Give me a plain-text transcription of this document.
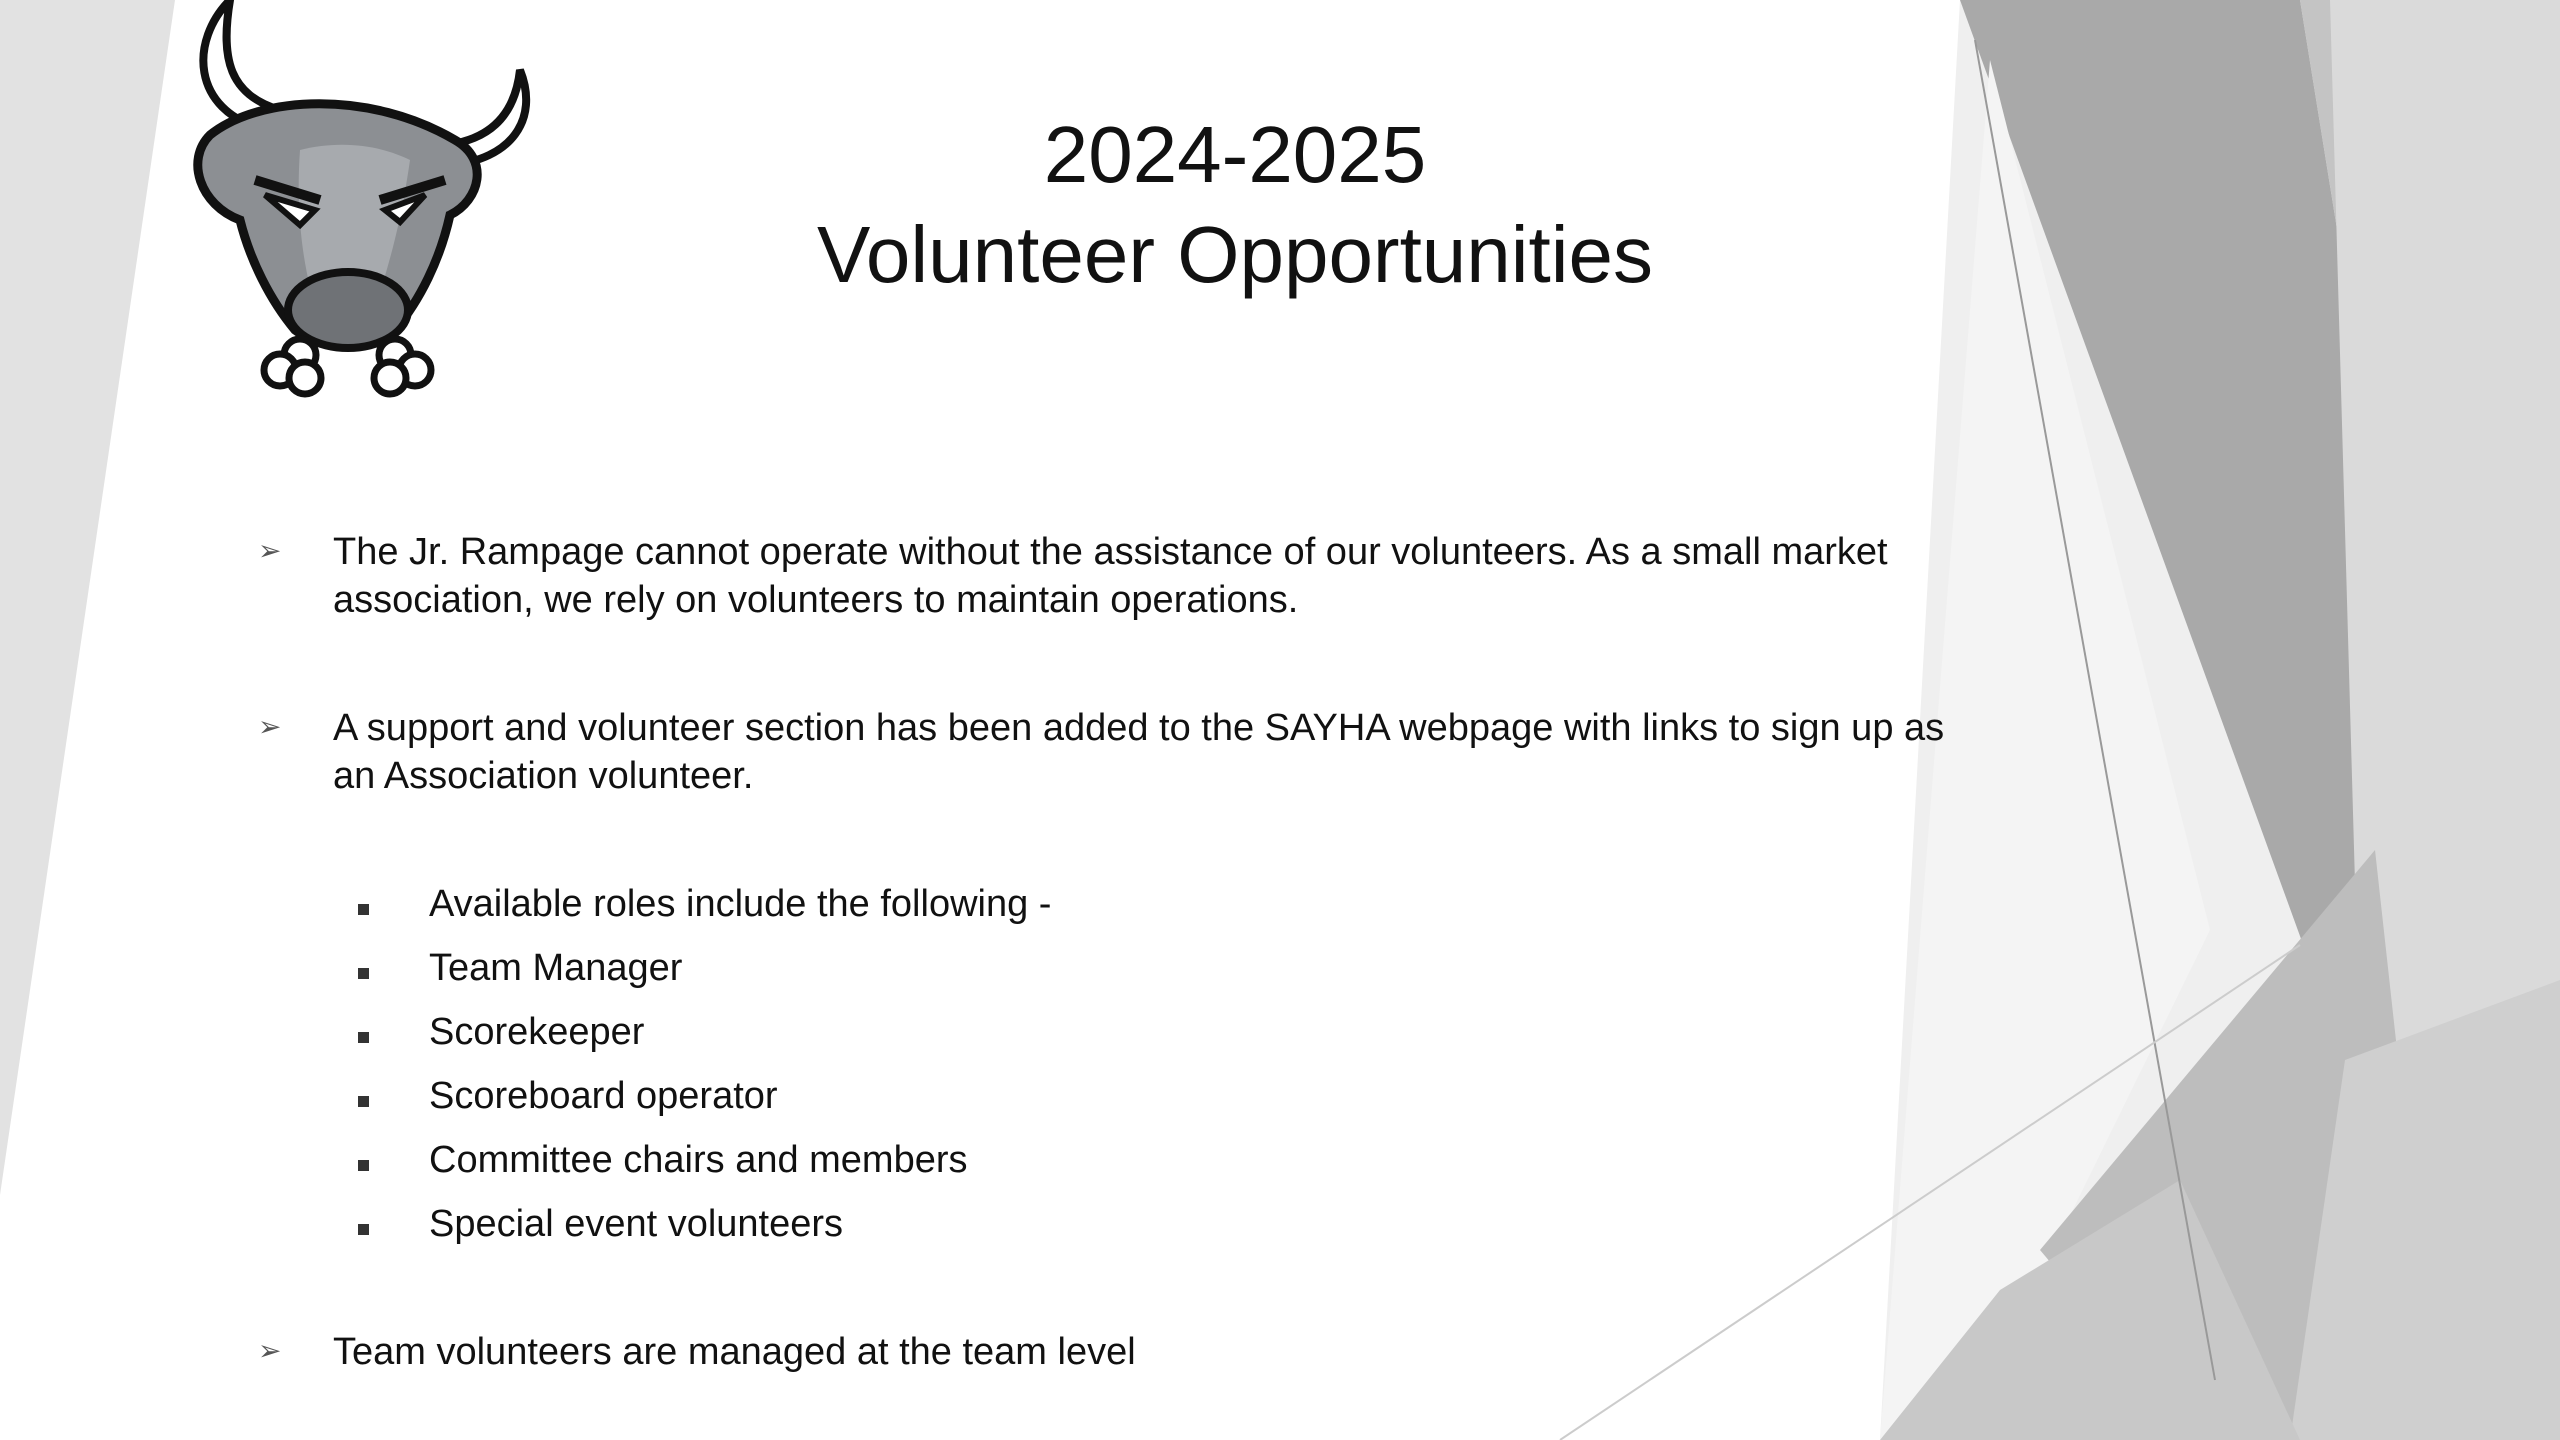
2024-2025
Volunteer Opportunities
➢ The Jr. Rampage cannot operate without the assistance of our volunteers. As a small market association, we rely on volunteers to maintain operations.
➢ A support and volunteer section has been added to the SAYHA webpage with links to sign up as an Association volunteer.
Available roles include the following -
Team Manager
Scorekeeper
Scoreboard operator
Committee chairs and members
Special event volunteers
➢ Team volunteers are managed at the team level
